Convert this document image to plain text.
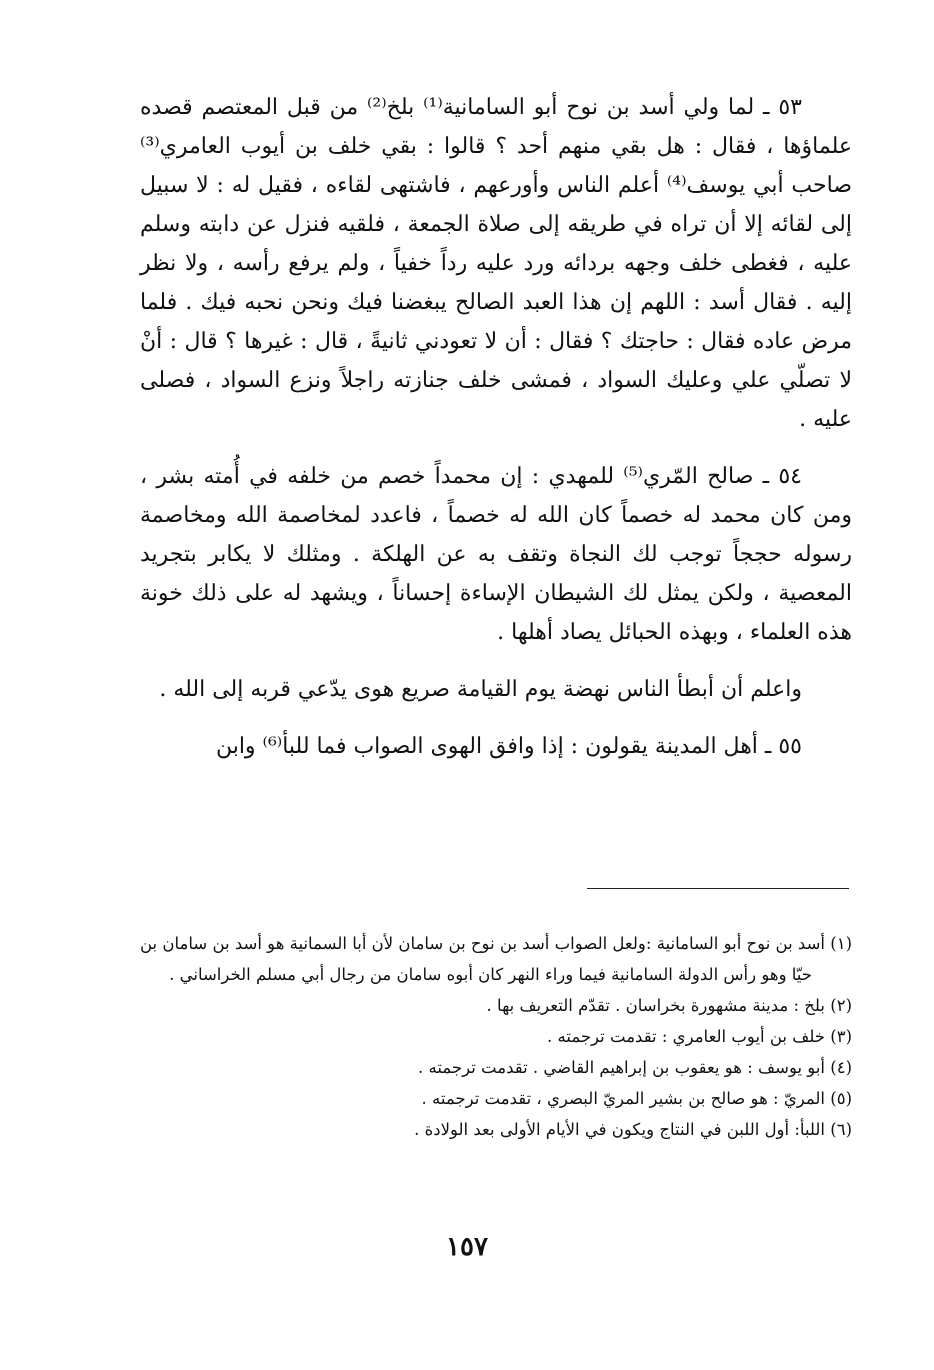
٥٣ ـ لما ولي أسد بن نوح أبو السامانية⁽¹⁾ بلخ⁽²⁾ من قبل المعتصم قصده علماؤها ، فقال : هل بقي منهم أحد ؟ قالوا : بقي خلف بن أيوب العامري⁽³⁾ صاحب أبي يوسف⁽⁴⁾ أعلم الناس وأورعهم ، فاشتهى لقاءه ، فقيل له : لا سبيل إلى لقائه إلا أن تراه في طريقه إلى صلاة الجمعة ، فلقيه فنزل عن دابته وسلم عليه ، فغطى خلف وجهه بردائه ورد عليه رداً خفياً ، ولم يرفع رأسه ، ولا نظر إليه . فقال أسد : اللهم إن هذا العبد الصالح يبغضنا فيك ونحن نحبه فيك . فلما مرض عاده فقال : حاجتك ؟ فقال : أن لا تعودني ثانيةً ، قال : غيرها ؟ قال : أنْ لا تصلّي علي وعليك السواد ، فمشى خلف جنازته راجلاً ونزع السواد ، فصلى عليه .

٥٤ ـ صالح المّري⁽⁵⁾ للمهدي : إن محمداً خصم من خلفه في أُمته بشر ، ومن كان محمد له خصماً كان الله له خصماً ، فاعدد لمخاصمة الله ومخاصمة رسوله حججاً توجب لك النجاة وتقف به عن الهلكة . ومثلك لا يكابر بتجريد المعصية ، ولكن يمثل لك الشيطان الإساءة إحساناً ، ويشهد له على ذلك خونة هذه العلماء ، وبهذه الحبائل يصاد أهلها .

واعلم أن أبطأ الناس نهضة يوم القيامة صريع هوى يدّعي قربه إلى الله .

٥٥ ـ أهل المدينة يقولون : إذا وافق الهوى الصواب فما للبأ⁽⁶⁾ وابن

(١) أسد بن نوح أبو السامانية :ولعل الصواب أسد بن نوح بن سامان لأن أبا السمانية هو أسد بن سامان بن حيّا وهو رأس الدولة السامانية فيما وراء النهر كان أبوه سامان من رجال أبي مسلم الخراساني .

(٢) بلخ : مدينة مشهورة بخراسان . تقدّم التعريف بها .

(٣) خلف بن أيوب العامري : تقدمت ترجمته .

(٤) أبو يوسف : هو يعقوب بن إبراهيم القاضي . تقدمت ترجمته .

(٥) المريّ : هو صالح بن بشير المريّ البصري ، تقدمت ترجمته .

(٦) اللبأ: أول اللبن في النتاج ويكون في الأيام الأولى بعد الولادة .

١٥٧
